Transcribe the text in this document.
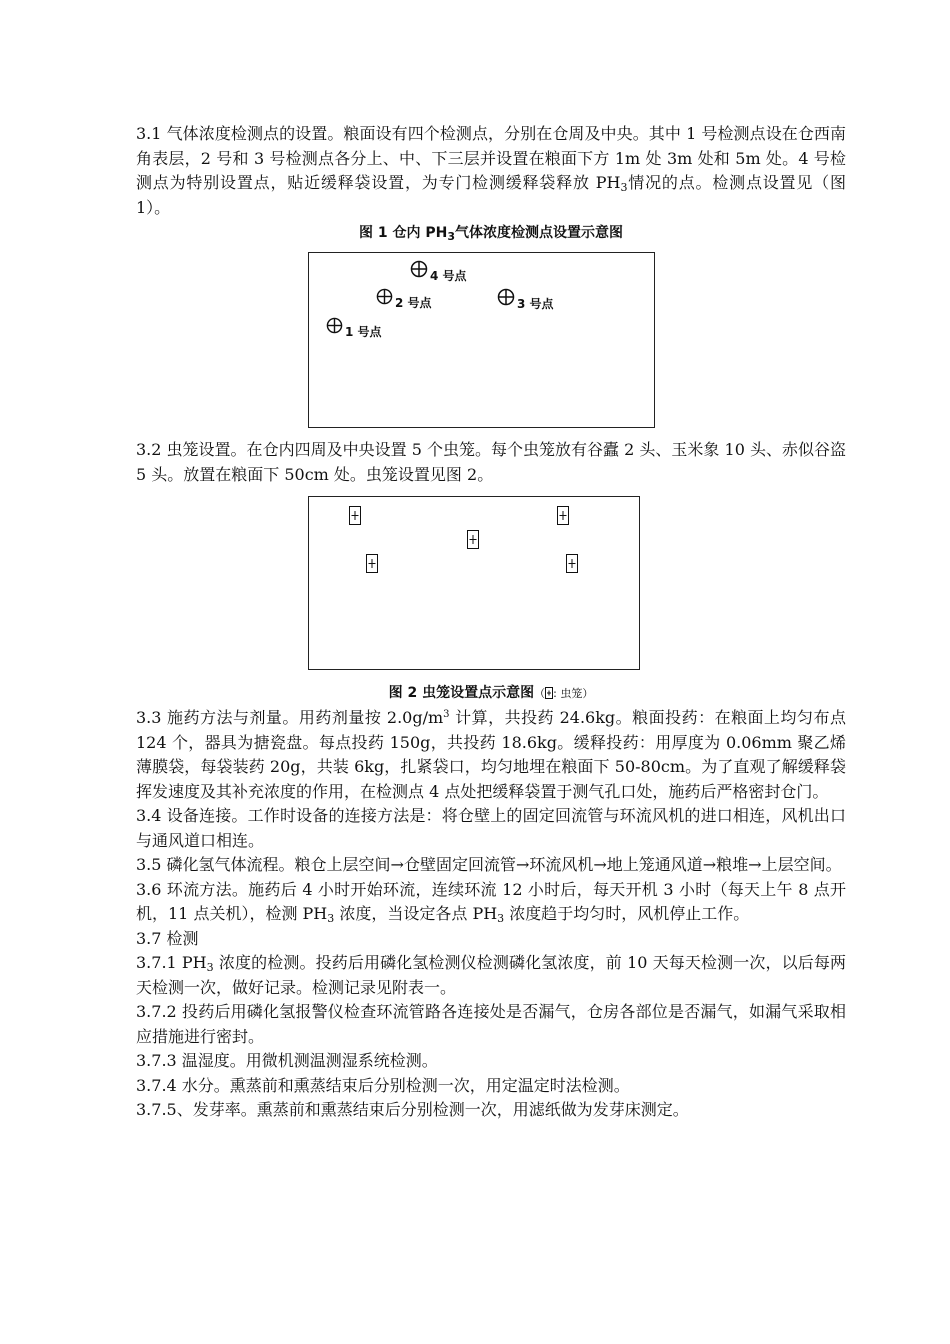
3.1 气体浓度检测点的设置。粮面设有四个检测点，分别在仓周及中央。其中 1 号检测点设在仓西南角表层，2 号和 3 号检测点各分上、中、下三层并设置在粮面下方 1m 处 3m 处和 5m 处。4 号检测点为特别设置点，贴近缓释袋设置，为专门检测缓释袋释放 $PH_3$情况的点。检测点设置见（图 1）。

图 1 仓内 $PH_3$气体浓度检测点设置示意图
4 号点
2 号点	3 号点
1 号点

3.2 虫笼设置。在仓内四周及中央设置 5 个虫笼。每个虫笼放有谷蠹 2 头、玉米象 10 头、赤似谷盗 5 头。放置在粮面下 50cm 处。虫笼设置见图 2。

图 2 虫笼设置点示意图（ : 虫笼）

3.3 施药方法与剂量。用药剂量按 $2.0g/m^3$ 计算，共投药 24.6kg。粮面投药：在粮面上均匀布点 124 个，器具为搪瓷盘。每点投药 150g，共投药 18.6kg。缓释投药：用厚度为 0.06mm 聚乙烯薄膜袋，每袋装药 20g，共装 6kg，扎紧袋口，均匀地埋在粮面下 50-80cm。为了直观了解缓释袋挥发速度及其补充浓度的作用，在检测点 4 点处把缓释袋置于测气孔口处，施药后严格密封仓门。

3.4 设备连接。工作时设备的连接方法是：将仓壁上的固定回流管与环流风机的进口相连，风机出口与通风道口相连。

3.5 磷化氢气体流程。粮仓上层空间→仓壁固定回流管→环流风机→地上笼通风道→粮堆→上层空间。

3.6 环流方法。施药后 4 小时开始环流，连续环流 12 小时后，每天开机 3 小时（每天上午 8 点开机，11 点关机），检测 $PH_3$ 浓度，当设定各点 $PH_3$ 浓度趋于均匀时，风机停止工作。

3.7 检测

3.7.1 $PH_3$ 浓度的检测。投药后用磷化氢检测仪检测磷化氢浓度，前 10 天每天检测一次，以后每两天检测一次，做好记录。检测记录见附表一。

3.7.2 投药后用磷化氢报警仪检查环流管路各连接处是否漏气，仓房各部位是否漏气，如漏气采取相应措施进行密封。

3.7.3 温湿度。用微机测温测湿系统检测。

3.7.4 水分。熏蒸前和熏蒸结束后分别检测一次，用定温定时法检测。

3.7.5、发芽率。熏蒸前和熏蒸结束后分别检测一次，用滤纸做为发芽床测定。
